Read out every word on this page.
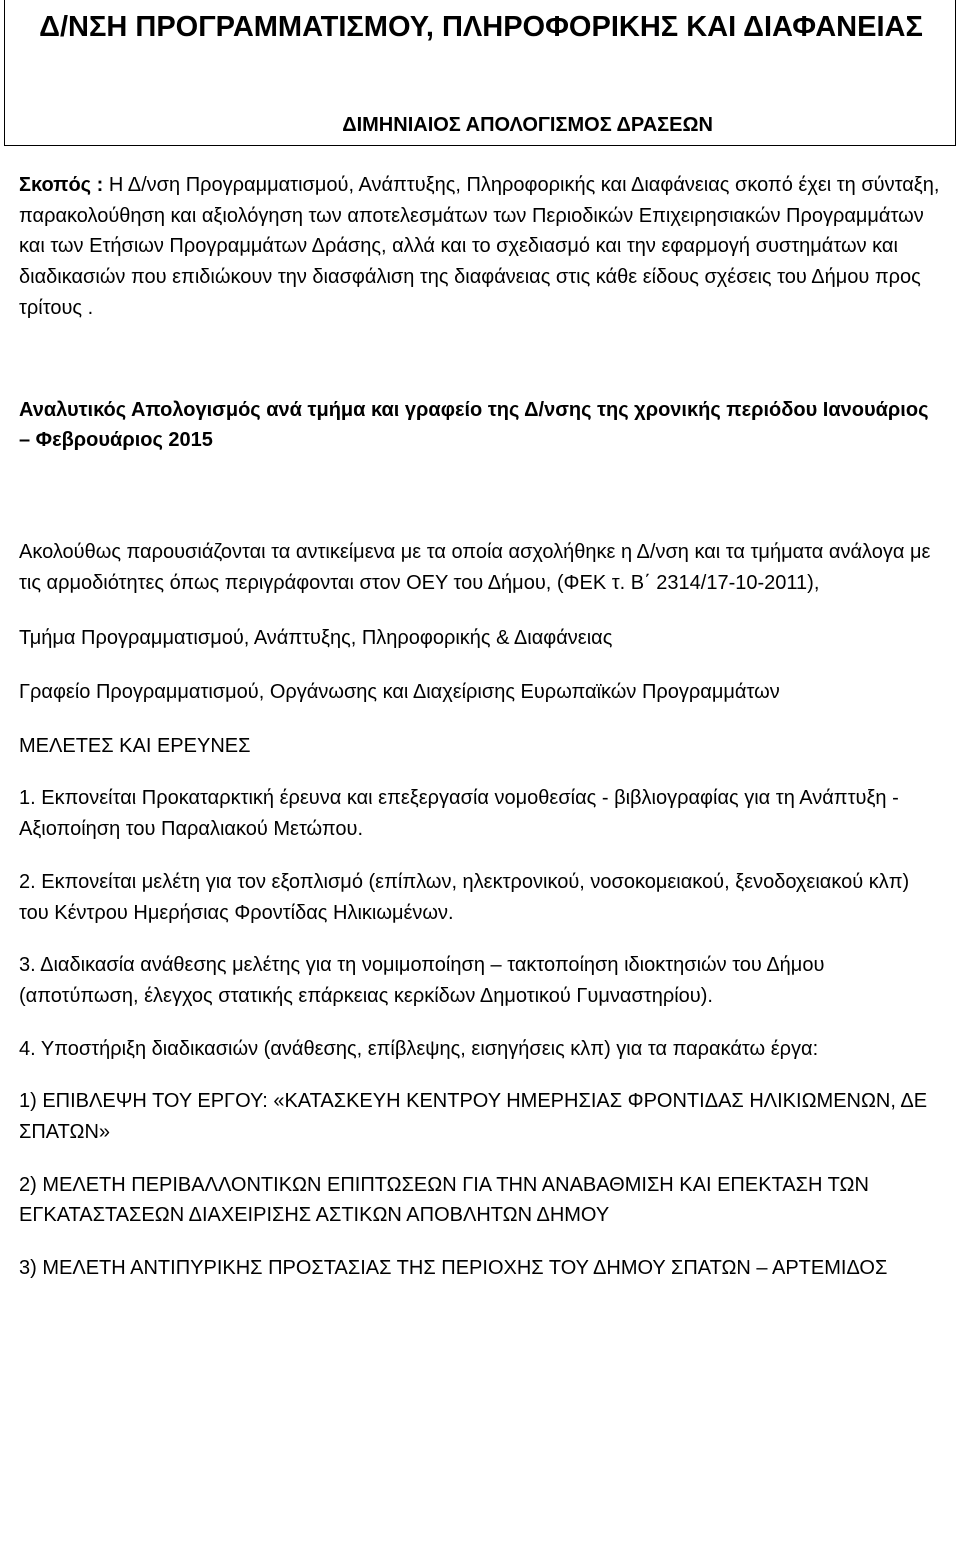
Δ/ΝΣΗ ΠΡΟΓΡΑΜΜΑΤΙΣΜΟΥ, ΠΛΗΡΟΦΟΡΙΚΗΣ ΚΑΙ ΔΙΑΦΑΝΕΙΑΣ
ΔΙΜΗΝΙΑΙΟΣ ΑΠΟΛΟΓΙΣΜΟΣ ΔΡΑΣΕΩΝ

Σκοπός : Η Δ/νση Προγραμματισμού, Ανάπτυξης, Πληροφορικής και Διαφάνειας σκοπό έχει τη σύνταξη, παρακολούθηση και αξιολόγηση των αποτελεσμάτων των Περιοδικών Επιχειρησιακών Προγραμμάτων και των Ετήσιων Προγραμμάτων Δράσης, αλλά και το σχεδιασμό και την εφαρμογή συστημάτων και διαδικασιών που επιδιώκουν την διασφάλιση της διαφάνειας στις κάθε είδους σχέσεις του Δήμου προς τρίτους .

Αναλυτικός Απολογισμός ανά τμήμα και γραφείο της Δ/νσης της χρονικής περιόδου Ιανουάριος – Φεβρουάριος 2015

Ακολούθως παρουσιάζονται τα αντικείμενα με τα οποία ασχολήθηκε η Δ/νση και τα τμήματα ανάλογα με τις αρμοδιότητες όπως περιγράφονται στον ΟΕΥ του Δήμου, (ΦΕΚ τ. Β΄ 2314/17-10-2011),

Τμήμα Προγραμματισμού, Ανάπτυξης, Πληροφορικής & Διαφάνειας

Γραφείο Προγραμματισμού, Οργάνωσης και Διαχείρισης Ευρωπαϊκών Προγραμμάτων

ΜΕΛΕΤΕΣ ΚΑΙ ΕΡΕΥΝΕΣ

1. Εκπονείται Προκαταρκτική έρευνα και επεξεργασία νομοθεσίας - βιβλιογραφίας για τη Ανάπτυξη - Αξιοποίηση του Παραλιακού Μετώπου.

2. Εκπονείται μελέτη για τον εξοπλισμό (επίπλων, ηλεκτρονικού, νοσοκομειακού, ξενοδοχειακού κλπ) του Κέντρου Ημερήσιας Φροντίδας Ηλικιωμένων.

3. Διαδικασία ανάθεσης μελέτης για τη νομιμοποίηση – τακτοποίηση ιδιοκτησιών του Δήμου (αποτύπωση, έλεγχος στατικής επάρκειας κερκίδων Δημοτικού Γυμναστηρίου).

4. Υποστήριξη διαδικασιών (ανάθεσης, επίβλεψης, εισηγήσεις κλπ) για τα παρακάτω έργα:

1) ΕΠΙΒΛΕΨΗ ΤΟΥ ΕΡΓΟΥ: «ΚΑΤΑΣΚΕΥΗ ΚΕΝΤΡΟΥ ΗΜΕΡΗΣΙΑΣ ΦΡΟΝΤΙΔΑΣ ΗΛΙΚΙΩΜΕΝΩΝ, ΔΕ ΣΠΑΤΩΝ»

2) ΜΕΛΕΤΗ ΠΕΡΙΒΑΛΛΟΝΤΙΚΩΝ ΕΠΙΠΤΩΣΕΩΝ ΓΙΑ ΤΗΝ ΑΝΑΒΑΘΜΙΣΗ ΚΑΙ ΕΠΕΚΤΑΣΗ ΤΩΝ ΕΓΚΑΤΑΣΤΑΣΕΩΝ ΔΙΑΧΕΙΡΙΣΗΣ ΑΣΤΙΚΩΝ ΑΠΟΒΛΗΤΩΝ ΔΗΜΟΥ

3) ΜΕΛΕΤΗ ΑΝΤΙΠΥΡΙΚΗΣ ΠΡΟΣΤΑΣΙΑΣ ΤΗΣ ΠΕΡΙΟΧΗΣ ΤΟΥ ΔΗΜΟΥ ΣΠΑΤΩΝ – ΑΡΤΕΜΙΔΟΣ
